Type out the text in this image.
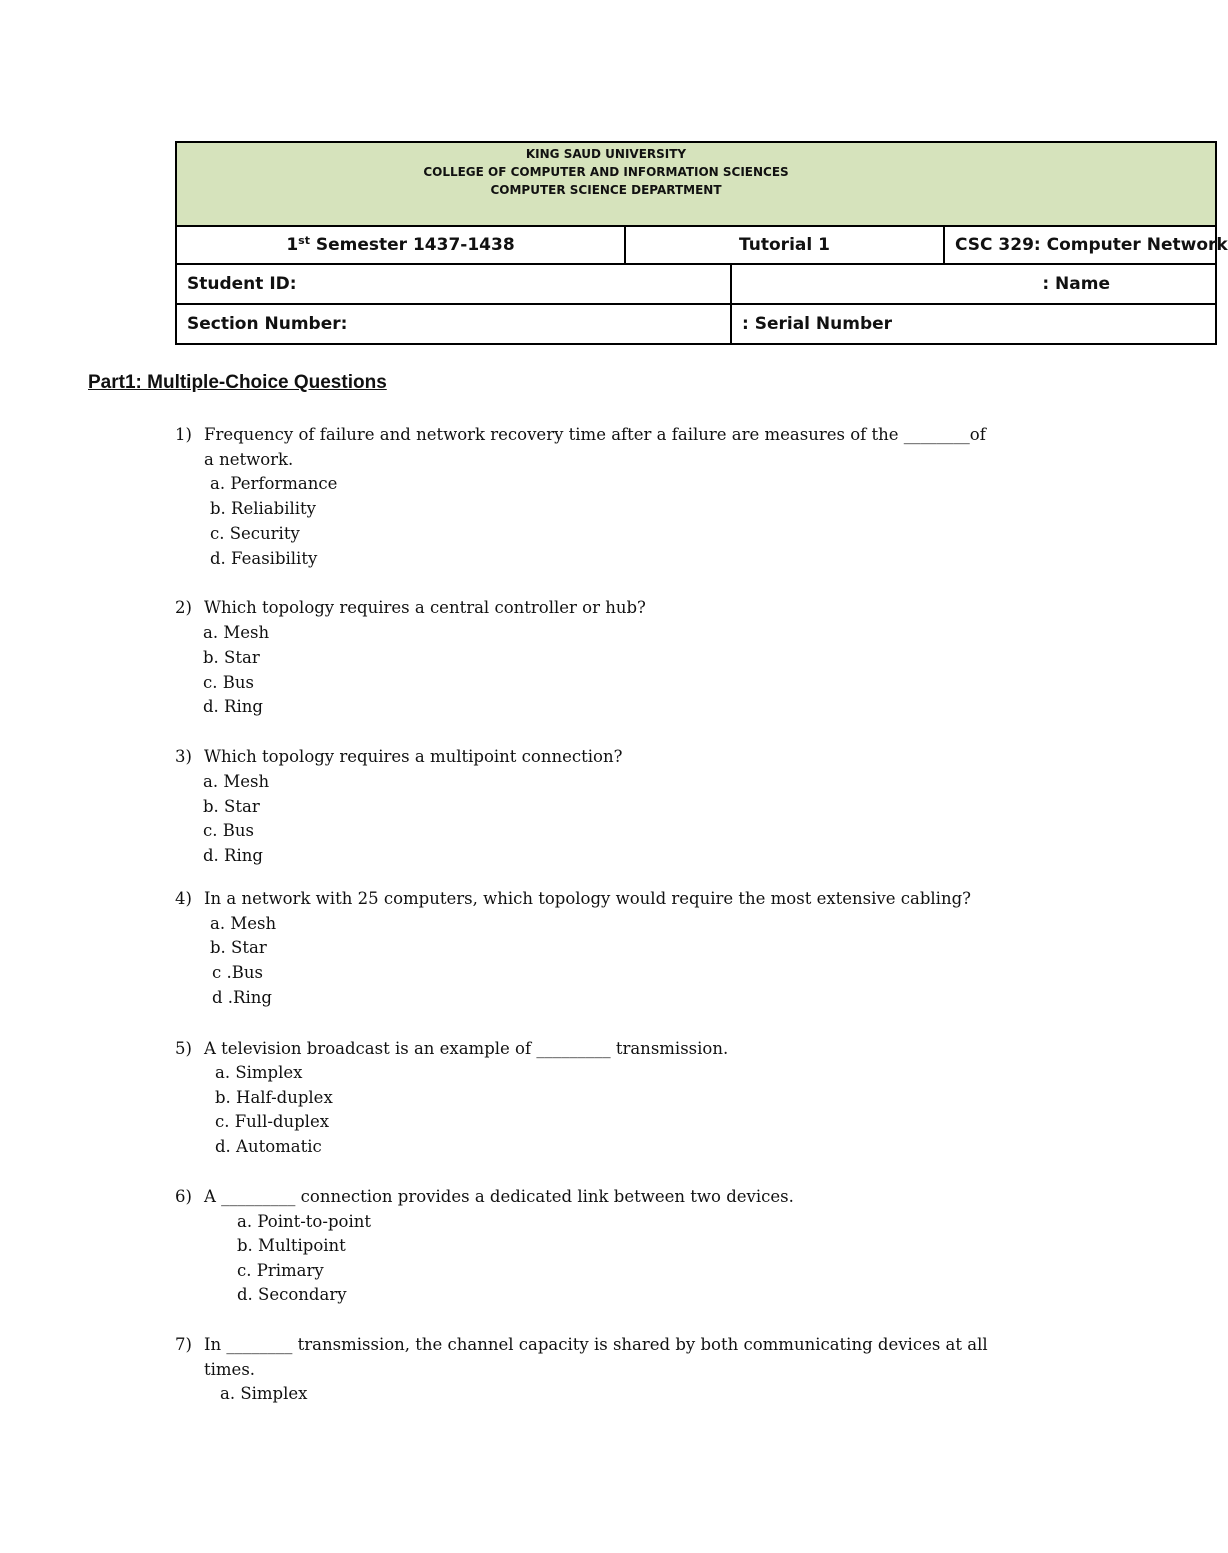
KING SAUD UNIVERSITY
COLLEGE OF COMPUTER AND INFORMATION SCIENCES
COMPUTER SCIENCE DEPARTMENT			

1st Semester 1437-1438	Tutorial 1		CSC 329: Computer Network
Student ID:		: Name	
Section Number:		: Serial Number	
Part1: Multiple-Choice Questions
1) Frequency of failure and network recovery time after a failure are measures of the ________of
a network.
a. Performance
b. Reliability
c. Security
d. Feasibility
2) Which topology requires a central controller or hub?
a. Mesh
b. Star
c. Bus
d. Ring
3) Which topology requires a multipoint connection?
a. Mesh
b. Star
c. Bus
d. Ring
4) In a network with 25 computers, which topology would require the most extensive cabling?
a. Mesh
b. Star
c .Bus
d .Ring
5) A television broadcast is an example of _________ transmission.
a. Simplex
b. Half-duplex
c. Full-duplex
d. Automatic
6) A _________ connection provides a dedicated link between two devices.
a. Point-to-point
b. Multipoint
c. Primary
d. Secondary
7) In ________ transmission, the channel capacity is shared by both communicating devices at all
times.
a. Simplex
